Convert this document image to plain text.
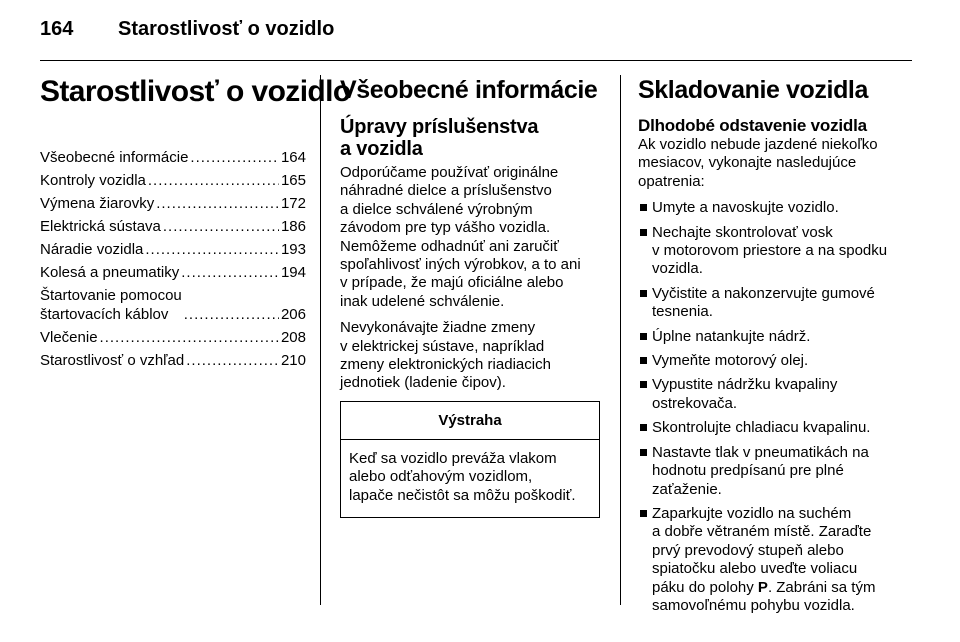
164 Starostlivosť o vozidlo
Starostlivosť o vozidlo
Všeobecné informácie .....	164
Kontroly vozidla .....	165
Výmena žiarovky .....	172
Elektrická sústava .....	186
Náradie vozidla .....	193
Kolesá a pneumatiky .....	194
Štartovanie pomocou
štartovacích káblov .....	206
Vlečenie .....	208
Starostlivosť o vzhľad .....	210
Všeobecné informácie
Úpravy príslušenstva
a vozidla

Odporúčame používať originálne
náhradné dielce a príslušenstvo
a dielce schválené výrobným
závodom pre typ vášho vozidla.
Nemôžeme odhadnúť ani zaručiť
spoľahlivosť iných výrobkov, a to ani
v prípade, že majú oficiálne alebo
inak udelené schválenie.

Nevykonávajte žiadne zmeny
v elektrickej sústave, napríklad
zmeny elektronických riadiacich
jednotiek (ladenie čipov).

Výstraha
Keď sa vozidlo preváža vlakom
alebo odťahovým vozidlom,
lapače nečistôt sa môžu poškodiť.
Skladovanie vozidla
Dlhodobé odstavenie vozidla

Ak vozidlo nebude jazdené niekoľko
mesiacov, vykonajte nasledujúce
opatrenia:

Umyte a navoskujte vozidlo.
Nechajte skontrolovať vosk
v motorovom priestore a na spodku
vozidla.
Vyčistite a nakonzervujte gumové
tesnenia.
Úplne natankujte nádrž.
Vymeňte motorový olej.
Vypustite nádržku kvapaliny
ostrekovača.
Skontrolujte chladiacu kvapalinu.
Nastavte tlak v pneumatikách na
hodnotu predpísanú pre plné
zaťaženie.
Zaparkujte vozidlo na suchém
a dobře větraném místě. Zaraďte
prvý prevodový stupeň alebo
spiatočku alebo uveďte voliacu
páku do polohy P. Zabráni sa tým
samovoľnému pohybu vozidla.
